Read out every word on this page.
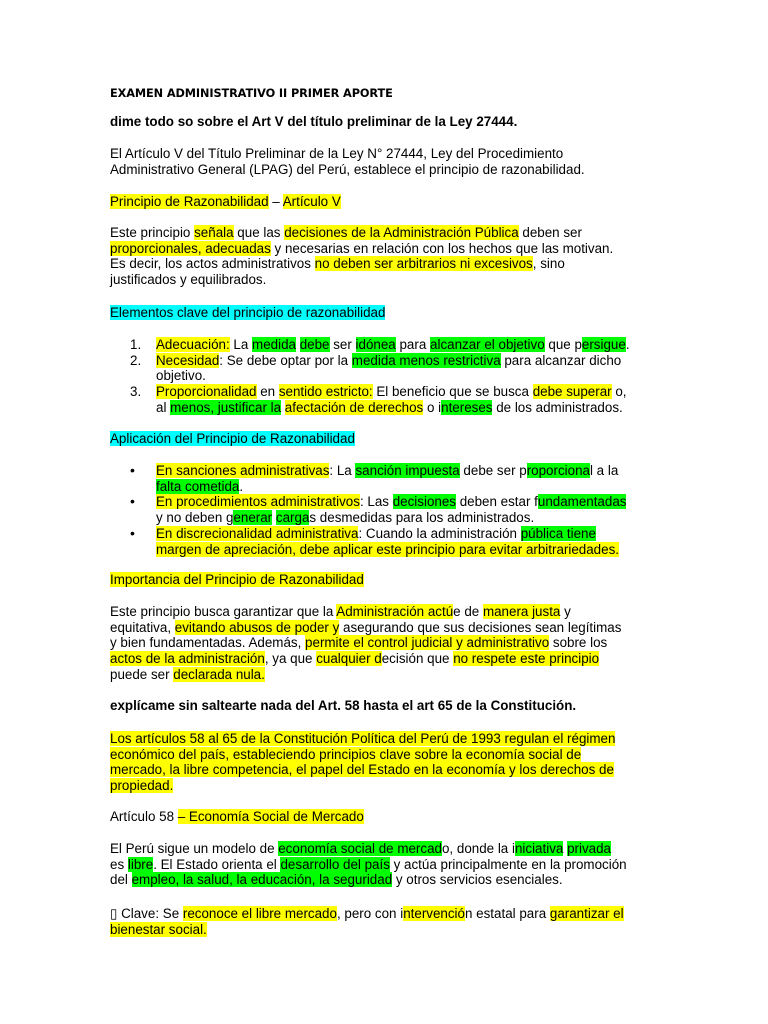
EXAMEN ADMINISTRATIVO II PRIMER APORTE

dime todo so sobre el Art V del título preliminar de la Ley 27444.

El Artículo V del Título Preliminar de la Ley N° 27444, Ley del Procedimiento
Administrativo General (LPAG) del Perú, establece el principio de razonabilidad.

Principio de Razonabilidad – Artículo V

Este principio señala que las decisiones de la Administración Pública deben ser
proporcionales, adecuadas y necesarias en relación con los hechos que las motivan.
Es decir, los actos administrativos no deben ser arbitrarios ni excesivos, sino
justificados y equilibrados.

Elementos clave del principio de razonabilidad

1.	Adecuación: La medida debe ser idónea para alcanzar el objetivo que persigue.
2.	Necesidad: Se debe optar por la medida menos restrictiva para alcanzar dicho
objetivo.
3.	Proporcionalidad en sentido estricto: El beneficio que se busca debe superar o,
al menos, justificar la afectación de derechos o intereses de los administrados.

Aplicación del Principio de Razonabilidad

•	En sanciones administrativas: La sanción impuesta debe ser proporcional a la
falta cometida.
•	En procedimientos administrativos: Las decisiones deben estar fundamentadas
y no deben generar cargas desmedidas para los administrados.
•	En discrecionalidad administrativa: Cuando la administración pública tiene
margen de apreciación, debe aplicar este principio para evitar arbitrariedades.

Importancia del Principio de Razonabilidad

Este principio busca garantizar que la Administración actúe de manera justa y
equitativa, evitando abusos de poder y asegurando que sus decisiones sean legítimas
y bien fundamentadas. Además, permite el control judicial y administrativo sobre los
actos de la administración, ya que cualquier decisión que no respete este principio
puede ser declarada nula.

explícame sin saltearte nada del Art. 58 hasta el art 65 de la Constitución.

Los artículos 58 al 65 de la Constitución Política del Perú de 1993 regulan el régimen
económico del país, estableciendo principios clave sobre la economía social de
mercado, la libre competencia, el papel del Estado en la economía y los derechos de
propiedad.

Artículo 58 – Economía Social de Mercado

El Perú sigue un modelo de economía social de mercado, donde la iniciativa privada
es libre. El Estado orienta el desarrollo del país y actúa principalmente en la promoción
del empleo, la salud, la educación, la seguridad y otros servicios esenciales.

▯ Clave: Se reconoce el libre mercado, pero con intervención estatal para garantizar el
bienestar social.
